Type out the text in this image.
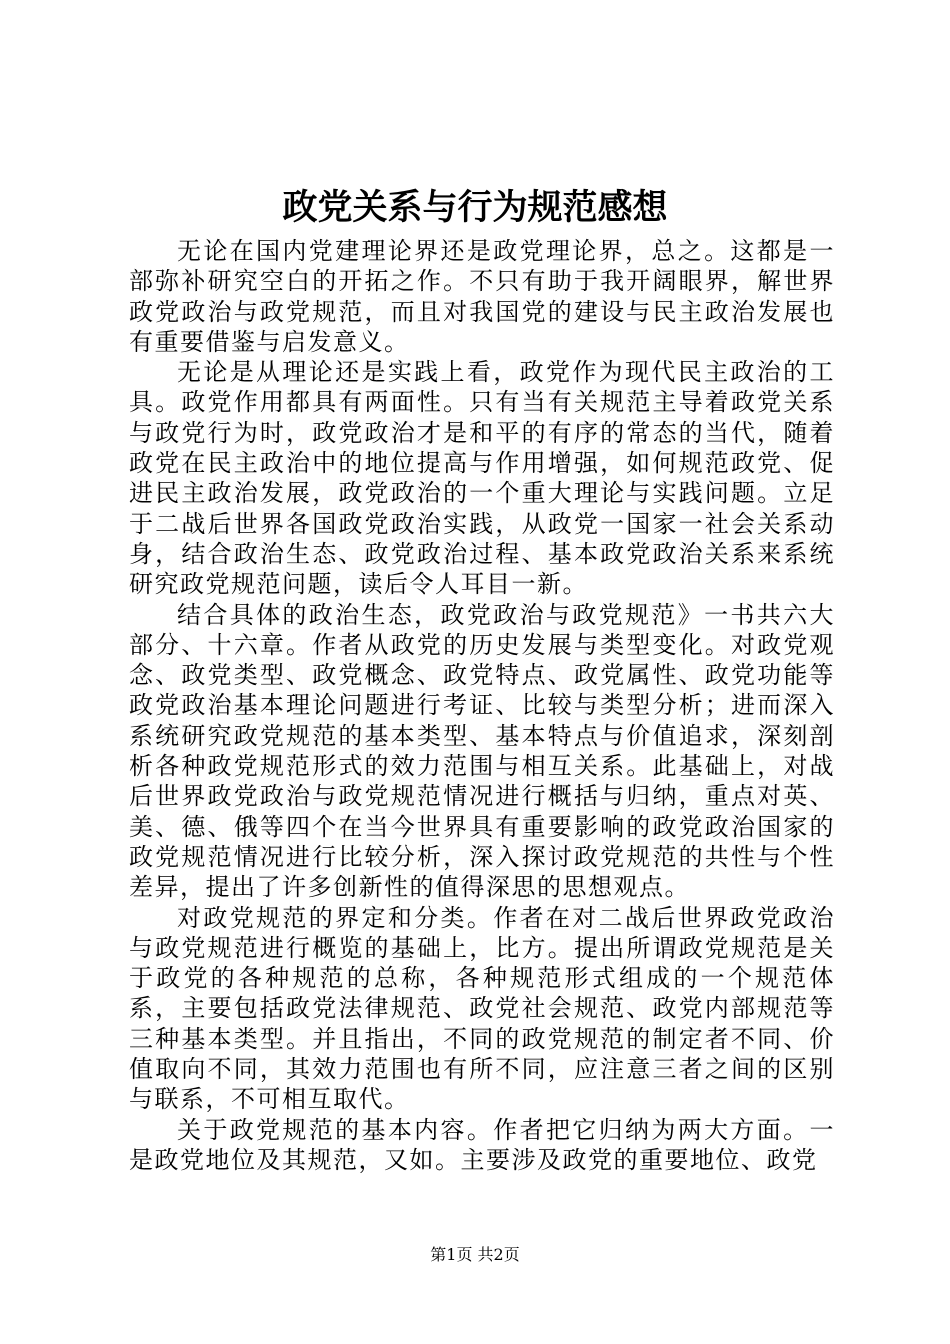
政党关系与行为规范感想

无论在国内党建理论界还是政党理论界，总之。这都是一部弥补研究空白的开拓之作。不只有助于我开阔眼界，解世界政党政治与政党规范，而且对我国党的建设与民主政治发展也有重要借鉴与启发意义。

无论是从理论还是实践上看，政党作为现代民主政治的工具。政党作用都具有两面性。只有当有关规范主导着政党关系与政党行为时，政党政治才是和平的有序的常态的当代，随着政党在民主政治中的地位提高与作用增强，如何规范政党、促进民主政治发展，政党政治的一个重大理论与实践问题。立足于二战后世界各国政党政治实践，从政党一国家一社会关系动身，结合政治生态、政党政治过程、基本政党政治关系来系统研究政党规范问题，读后令人耳目一新。

结合具体的政治生态，政党政治与政党规范》一书共六大部分、十六章。作者从政党的历史发展与类型变化。对政党观念、政党类型、政党概念、政党特点、政党属性、政党功能等政党政治基本理论问题进行考证、比较与类型分析；进而深入系统研究政党规范的基本类型、基本特点与价值追求，深刻剖析各种政党规范形式的效力范围与相互关系。此基础上，对战后世界政党政治与政党规范情况进行概括与归纳，重点对英、美、德、俄等四个在当今世界具有重要影响的政党政治国家的政党规范情况进行比较分析，深入探讨政党规范的共性与个性差异，提出了许多创新性的值得深思的思想观点。

对政党规范的界定和分类。作者在对二战后世界政党政治与政党规范进行概览的基础上，比方。提出所谓政党规范是关于政党的各种规范的总称，各种规范形式组成的一个规范体系，主要包括政党法律规范、政党社会规范、政党内部规范等三种基本类型。并且指出，不同的政党规范的制定者不同、价值取向不同，其效力范围也有所不同，应注意三者之间的区别与联系，不可相互取代。

关于政党规范的基本内容。作者把它归纳为两大方面。一是政党地位及其规范，又如。主要涉及政党的重要地位、政党

第1页 共2页
